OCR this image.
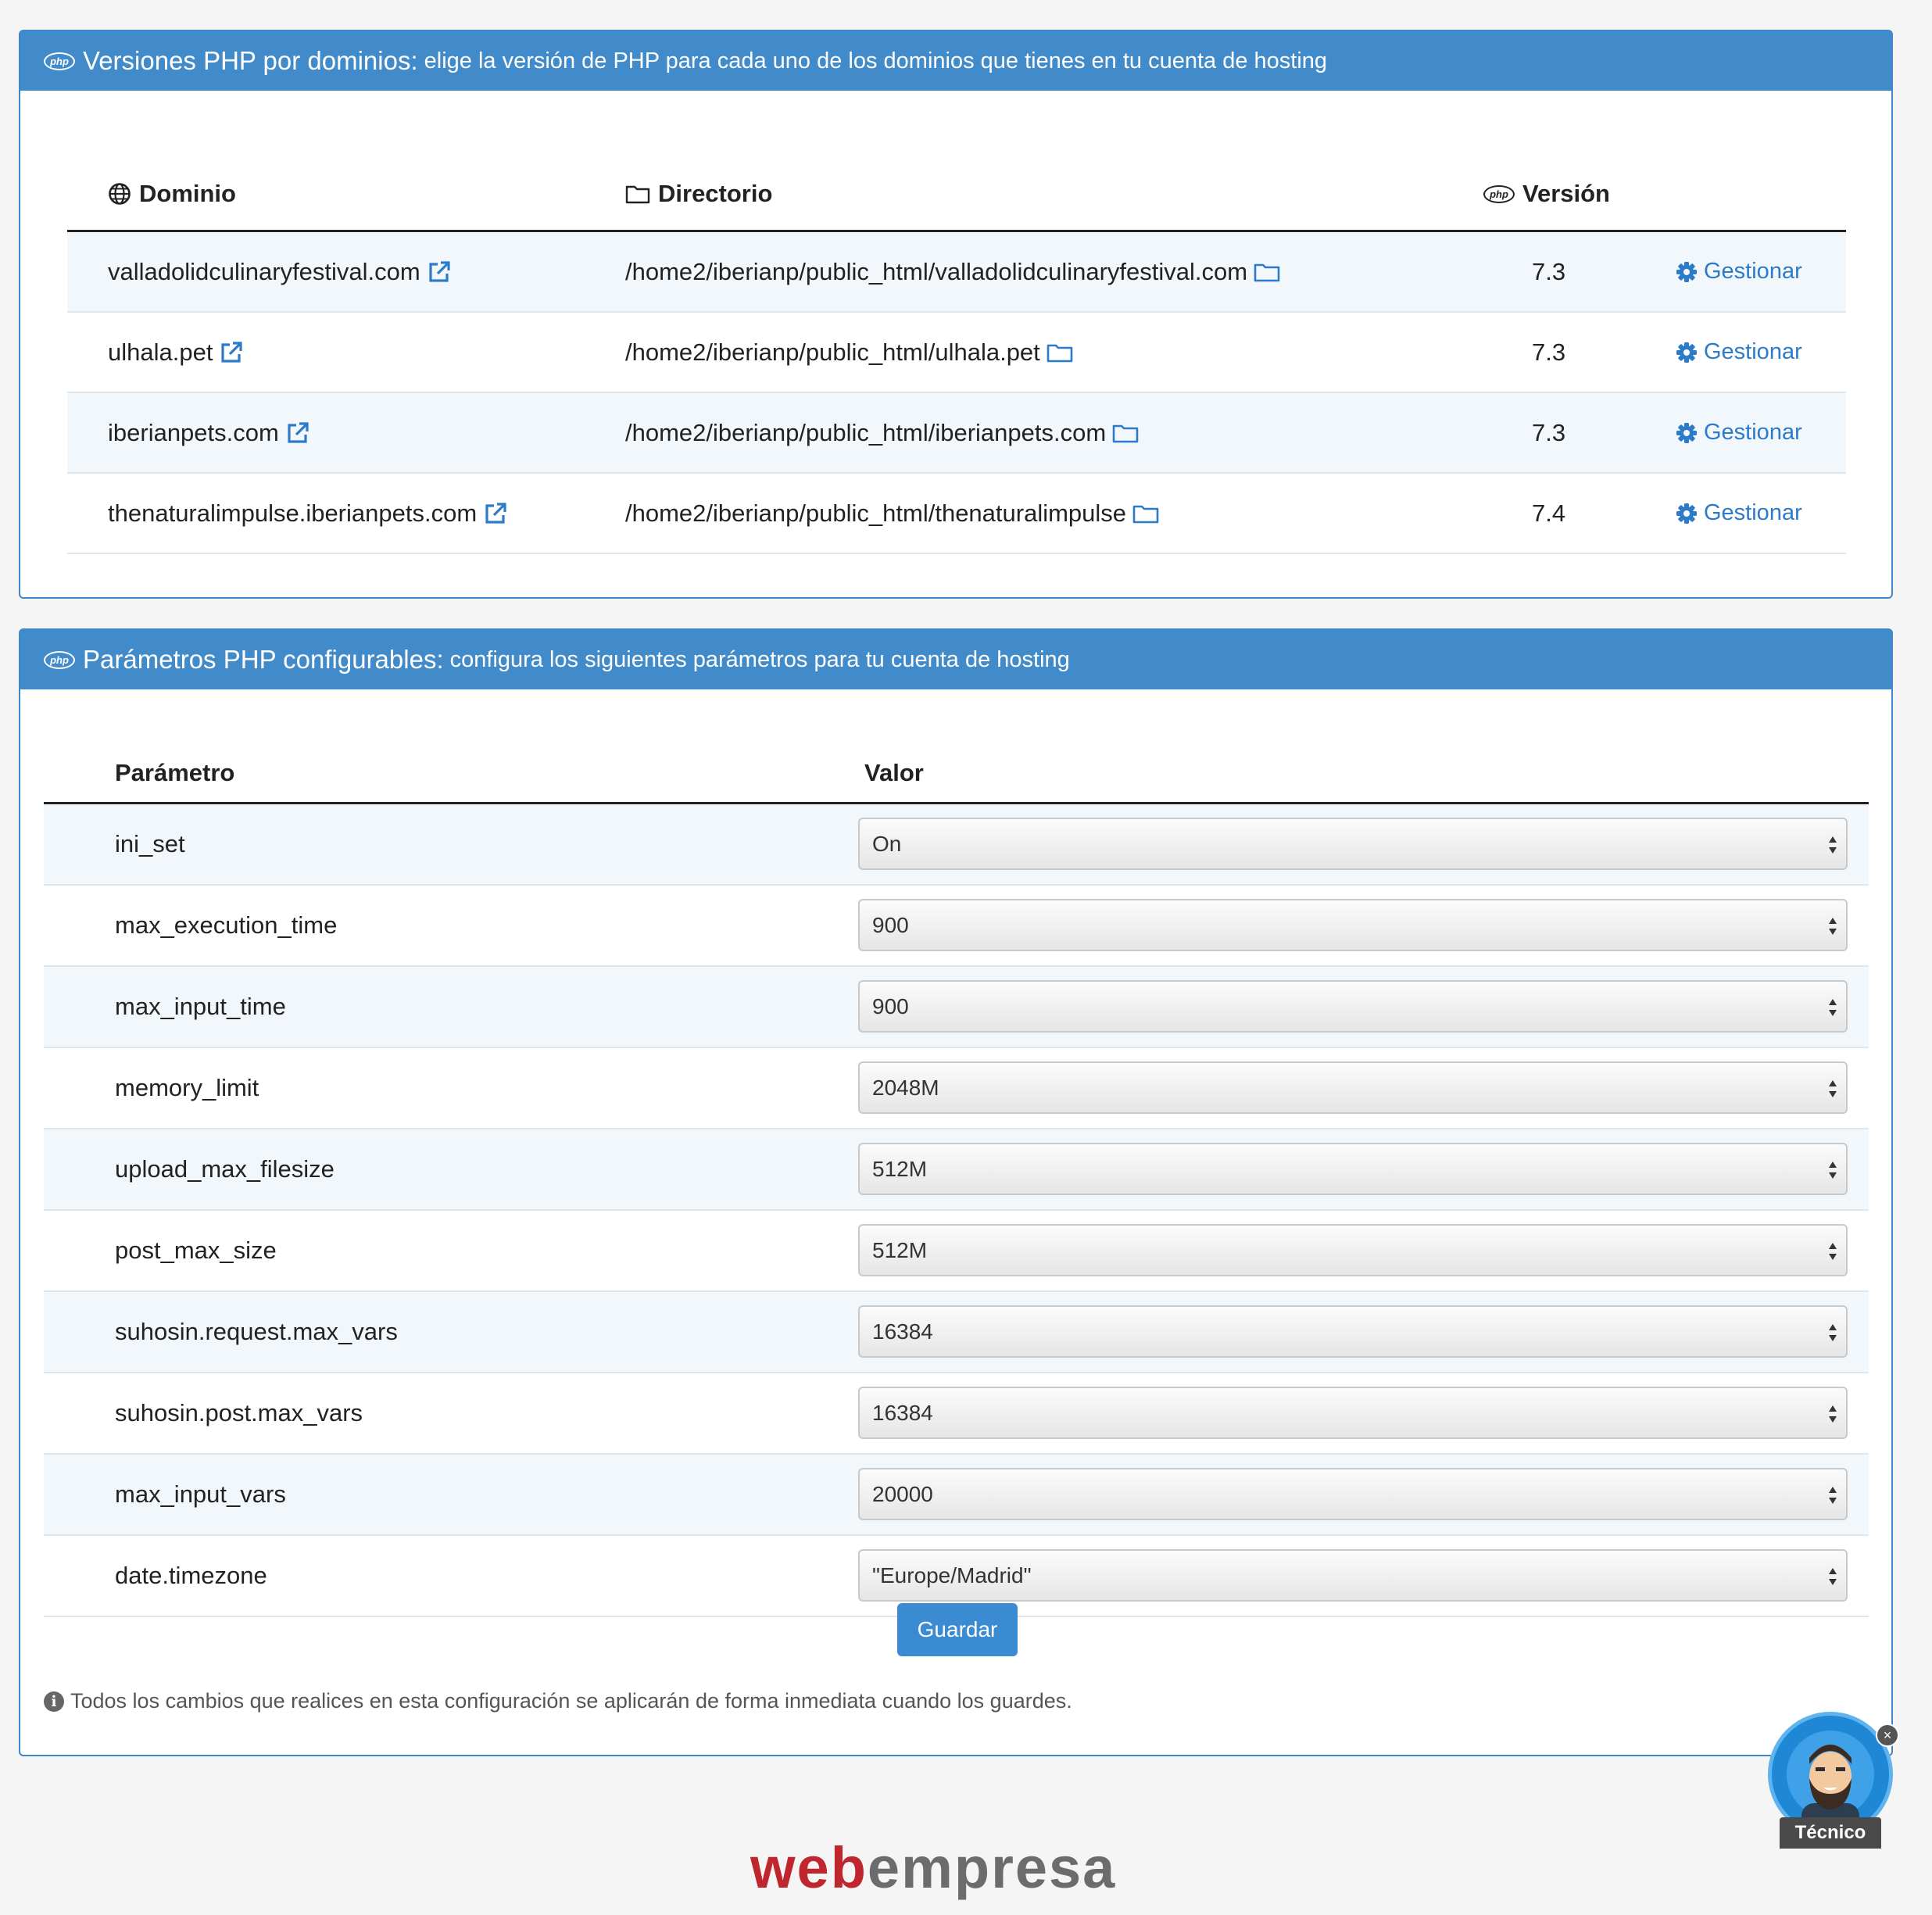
php Versiones PHP por dominios: elige la versión de PHP para cada uno de los dominios que tienes en tu cuenta de hosting
Dominio	Directorio	php Versión
valladolidculinaryfestival.com	/home2/iberianp/public_html/valladolidculinaryfestival.com	7.3	Gestionar
ulhala.pet	/home2/iberianp/public_html/ulhala.pet	7.3	Gestionar
iberianpets.com	/home2/iberianp/public_html/iberianpets.com	7.3	Gestionar
thenaturalimpulse.iberianpets.com	/home2/iberianp/public_html/thenaturalimpulse	7.4	Gestionar
php Parámetros PHP configurables: configura los siguientes parámetros para tu cuenta de hosting
Parámetro	Valor
ini_set	On
max_execution_time	900
max_input_time	900
memory_limit	2048M
upload_max_filesize	512M
post_max_size	512M
suhosin.request.max_vars	16384
suhosin.post.max_vars	16384
max_input_vars	20000
date.timezone	"Europe/Madrid"
Guardar
i Todos los cambios que realices en esta configuración se aplicarán de forma inmediata cuando los guardes.
webempresa
×
Técnico
